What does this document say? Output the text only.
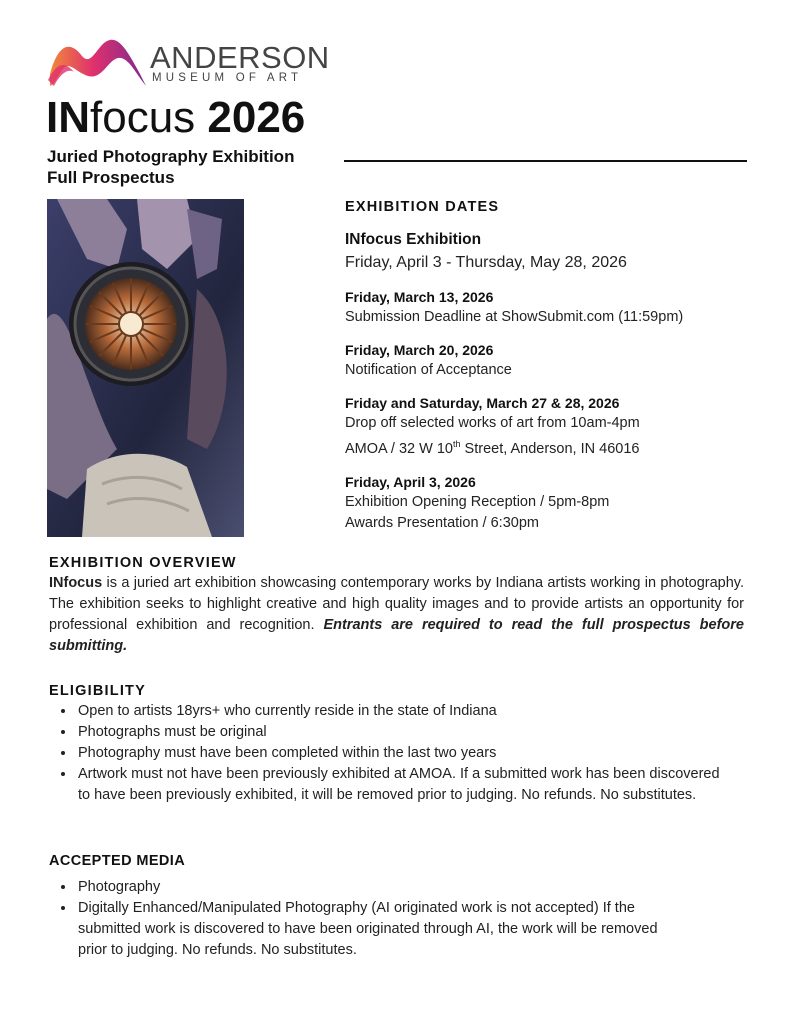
ANDERSON
MUSEUM OF ART
INfocus 2026
Juried Photography Exhibition
Full Prospectus
EXHIBITION DATES
INfocus Exhibition
Friday, April 3 - Thursday, May 28, 2026
Friday, March 13, 2026
Submission Deadline at ShowSubmit.com (11:59pm)
Friday, March 20, 2026
Notification of Acceptance
Friday and Saturday, March 27 & 28, 2026
Drop off selected works of art from 10am-4pm
AMOA / 32 W 10th Street, Anderson, IN 46016
Friday, April 3, 2026
Exhibition Opening Reception / 5pm-8pm
Awards Presentation / 6:30pm
EXHIBITION OVERVIEW

INfocus is a juried art exhibition showcasing contemporary works by Indiana artists working in photography. The exhibition seeks to highlight creative and high quality images and to provide artists an opportunity for professional exhibition and recognition. Entrants are required to read the full prospectus before submitting.

ELIGIBILITY
• Open to artists 18yrs+ who currently reside in the state of Indiana
• Photographs must be original
• Photography must have been completed within the last two years
• Artwork must not have been previously exhibited at AMOA. If a submitted work has been discovered to have been previously exhibited, it will be removed prior to judging. No refunds. No substitutes.
ACCEPTED MEDIA
• Photography
• Digitally Enhanced/Manipulated Photography (AI originated work is not accepted) If the submitted work is discovered to have been originated through AI, the work will be removed prior to judging. No refunds. No substitutes.
